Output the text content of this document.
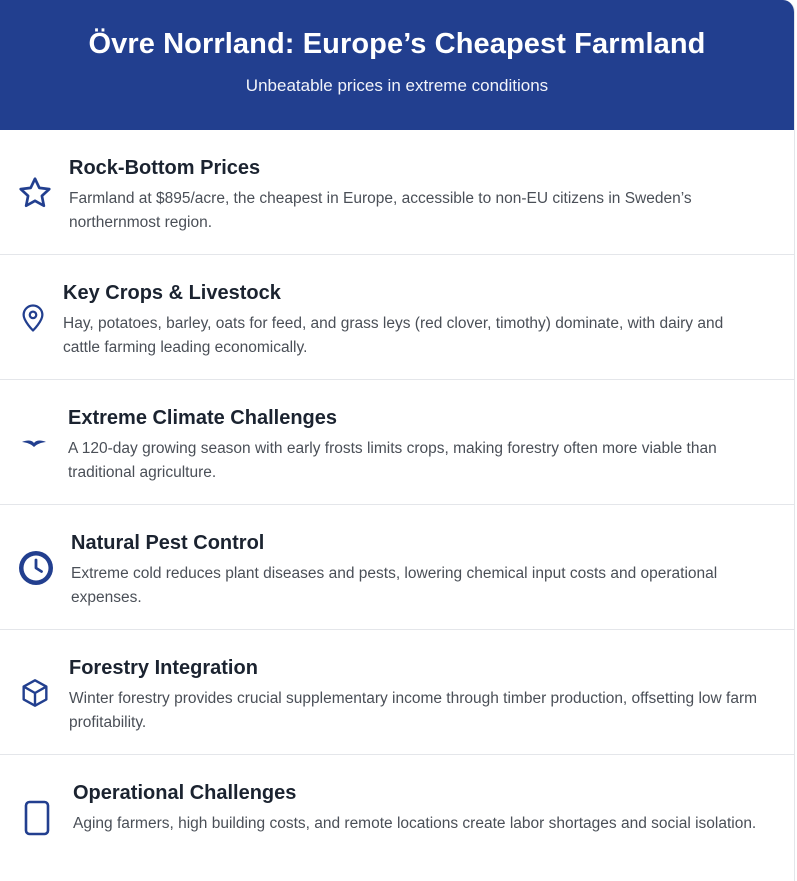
Övre Norrland: Europe’s Cheapest Farmland

Unbeatable prices in extreme conditions

Rock-Bottom Prices

Farmland at $895/acre, the cheapest in Europe, accessible to non-EU citizens in Sweden’s northernmost region.

Key Crops & Livestock

Hay, potatoes, barley, oats for feed, and grass leys (red clover, timothy) dominate, with dairy and cattle farming leading economically.

Extreme Climate Challenges

A 120-day growing season with early frosts limits crops, making forestry often more viable than traditional agriculture.

Natural Pest Control

Extreme cold reduces plant diseases and pests, lowering chemical input costs and operational expenses.

Forestry Integration

Winter forestry provides crucial supplementary income through timber production, offsetting low farm profitability.

Operational Challenges

Aging farmers, high building costs, and remote locations create labor shortages and social isolation.
